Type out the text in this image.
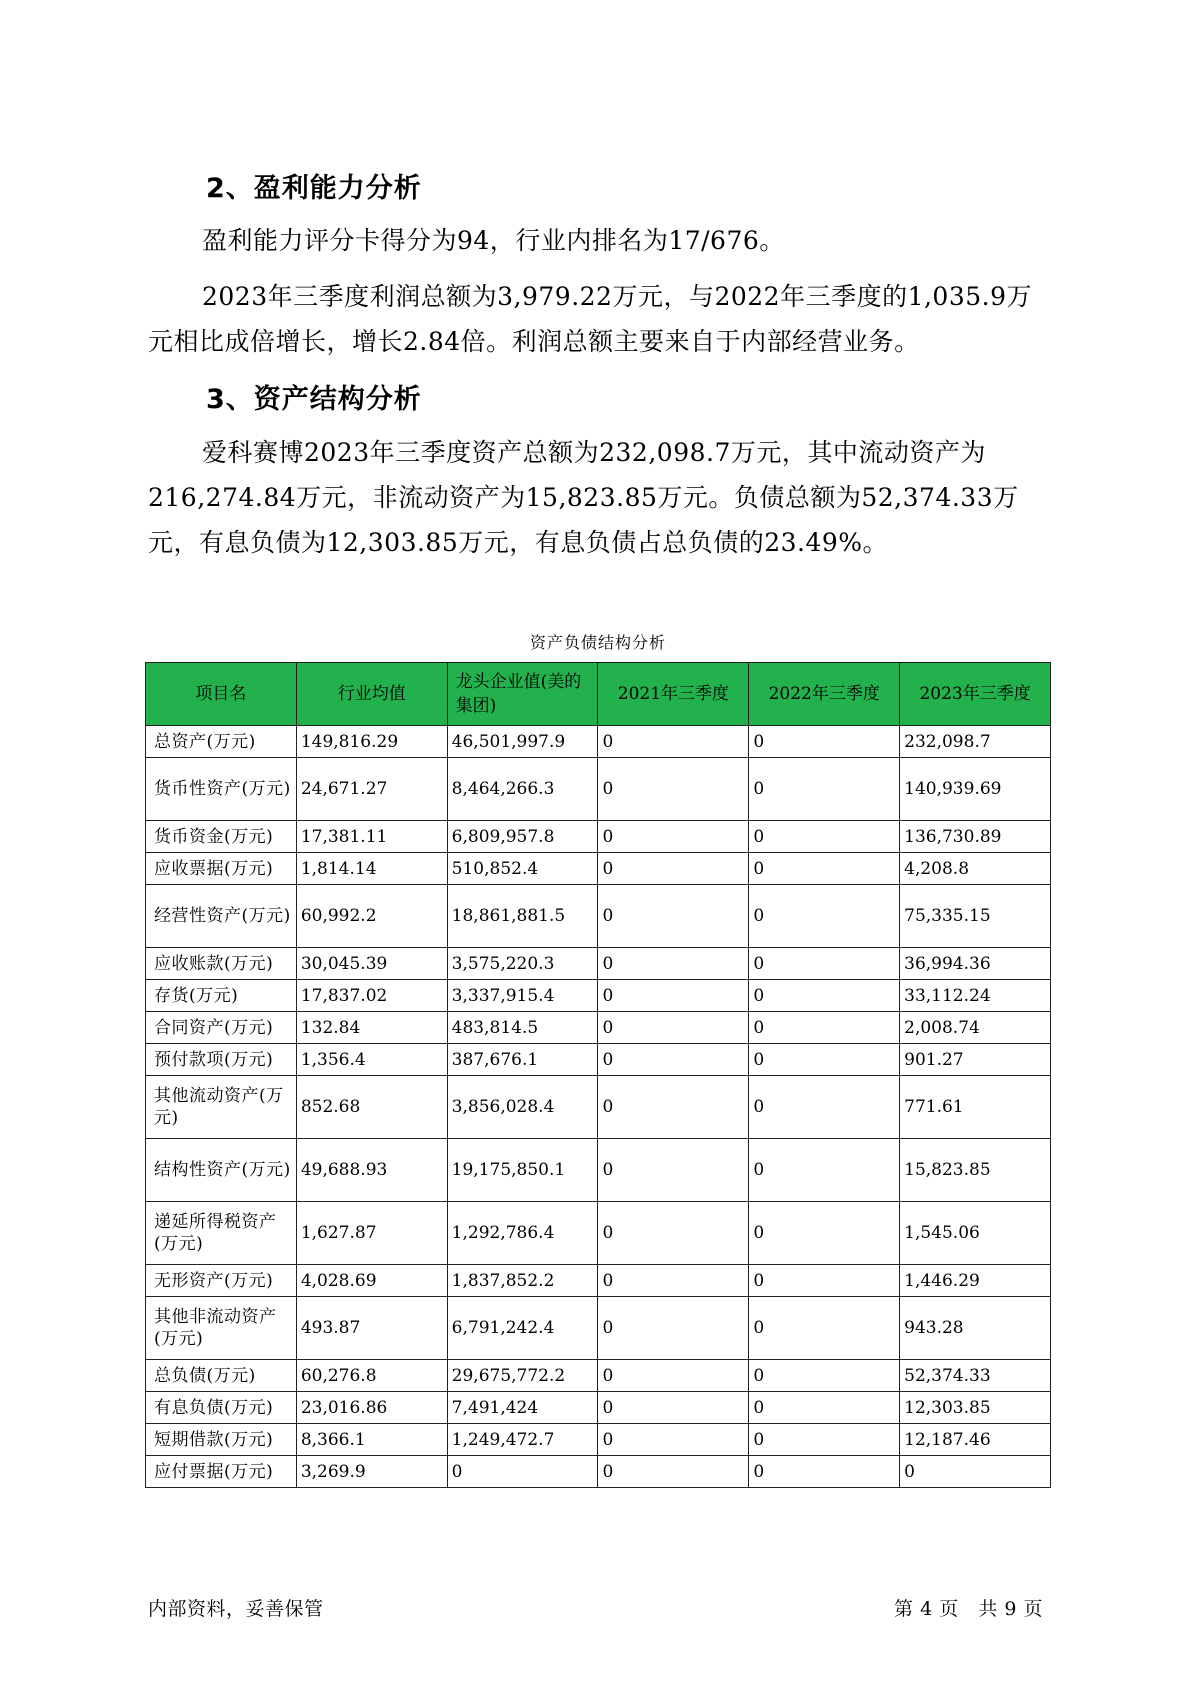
2、盈利能力分析

盈利能力评分卡得分为94，行业内排名为17/676。

2023年三季度利润总额为3,979.22万元，与2022年三季度的1,035.9万元相比成倍增长，增长2.84倍。利润总额主要来自于内部经营业务。

3、资产结构分析

爱科赛博2023年三季度资产总额为232,098.7万元，其中流动资产为216,274.84万元，非流动资产为15,823.85万元。负债总额为52,374.33万元，有息负债为12,303.85万元，有息负债占总负债的23.49%。

资产负债结构分析
项目名	行业均值	龙头企业值(美的集团)	2021年三季度	2022年三季度	2023年三季度
总资产(万元)	149,816.29	46,501,997.9	0	0	232,098.7
货币性资产(万元)	24,671.27	8,464,266.3	0	0	140,939.69
货币资金(万元)	17,381.11	6,809,957.8	0	0	136,730.89
应收票据(万元)	1,814.14	510,852.4	0	0	4,208.8
经营性资产(万元)	60,992.2	18,861,881.5	0	0	75,335.15
应收账款(万元)	30,045.39	3,575,220.3	0	0	36,994.36
存货(万元)	17,837.02	3,337,915.4	0	0	33,112.24
合同资产(万元)	132.84	483,814.5	0	0	2,008.74
预付款项(万元)	1,356.4	387,676.1	0	0	901.27
其他流动资产(万元)	852.68	3,856,028.4	0	0	771.61
结构性资产(万元)	49,688.93	19,175,850.1	0	0	15,823.85
递延所得税资产(万元)	1,627.87	1,292,786.4	0	0	1,545.06
无形资产(万元)	4,028.69	1,837,852.2	0	0	1,446.29
其他非流动资产(万元)	493.87	6,791,242.4	0	0	943.28
总负债(万元)	60,276.8	29,675,772.2	0	0	52,374.33
有息负债(万元)	23,016.86	7,491,424	0	0	12,303.85
短期借款(万元)	8,366.1	1,249,472.7	0	0	12,187.46
应付票据(万元)	3,269.9	0	0	0	0
内部资料，妥善保管	第 4 页   共 9 页
